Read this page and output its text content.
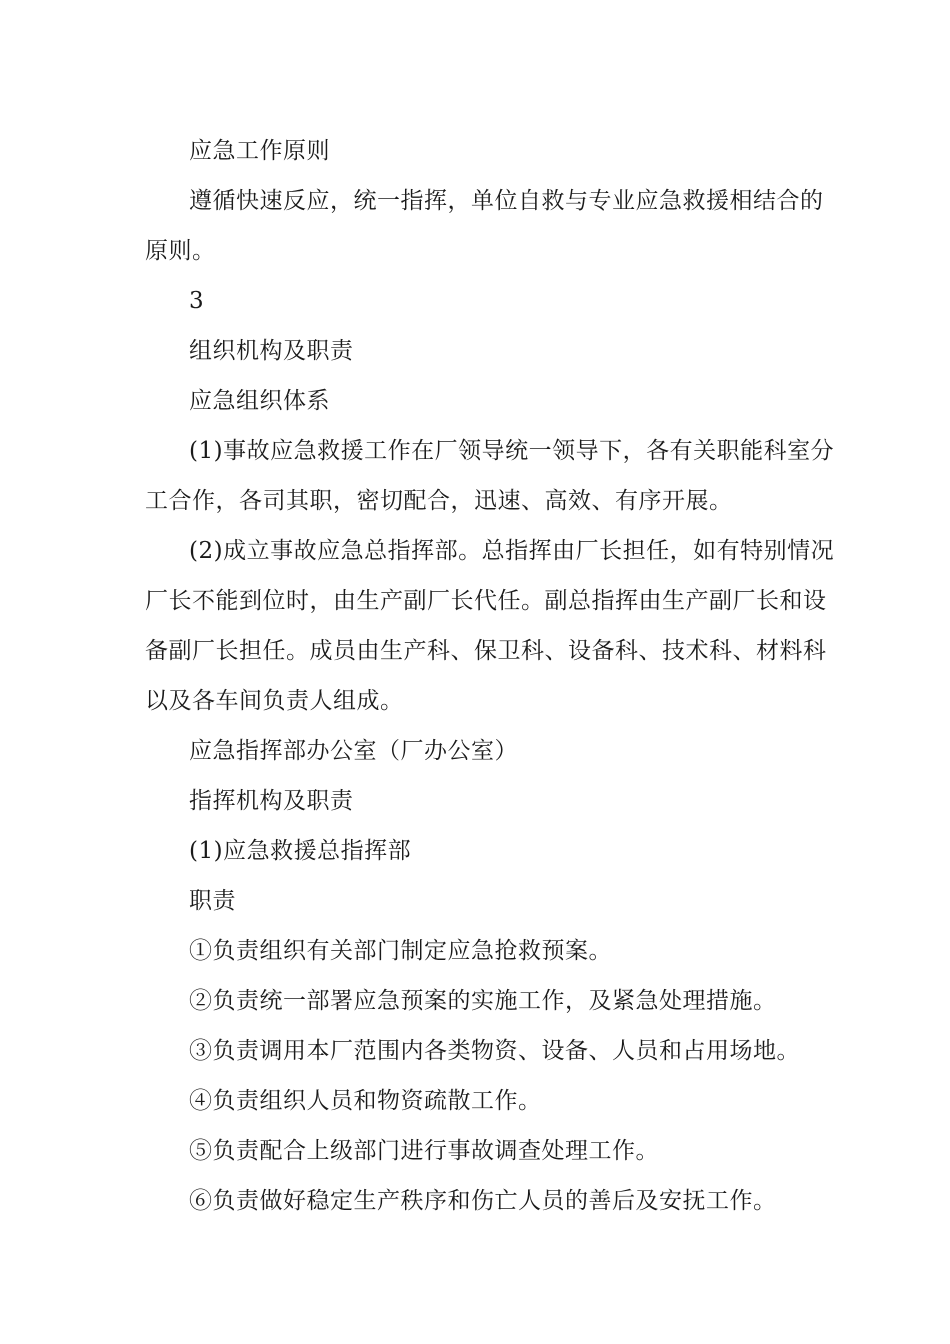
应急工作原则
遵循快速反应，统一指挥，单位自救与专业应急救援相结合的
原则。
3
组织机构及职责
应急组织体系
(1)事故应急救援工作在厂领导统一领导下，各有关职能科室分
工合作，各司其职，密切配合，迅速、高效、有序开展。
(2)成立事故应急总指挥部。总指挥由厂长担任，如有特别情况
厂长不能到位时，由生产副厂长代任。副总指挥由生产副厂长和设
备副厂长担任。成员由生产科、保卫科、设备科、技术科、材料科
以及各车间负责人组成。
应急指挥部办公室（厂办公室）
指挥机构及职责
(1)应急救援总指挥部
职责
①负责组织有关部门制定应急抢救预案。
②负责统一部署应急预案的实施工作，及紧急处理措施。
③负责调用本厂范围内各类物资、设备、人员和占用场地。
④负责组织人员和物资疏散工作。
⑤负责配合上级部门进行事故调查处理工作。
⑥负责做好稳定生产秩序和伤亡人员的善后及安抚工作。
